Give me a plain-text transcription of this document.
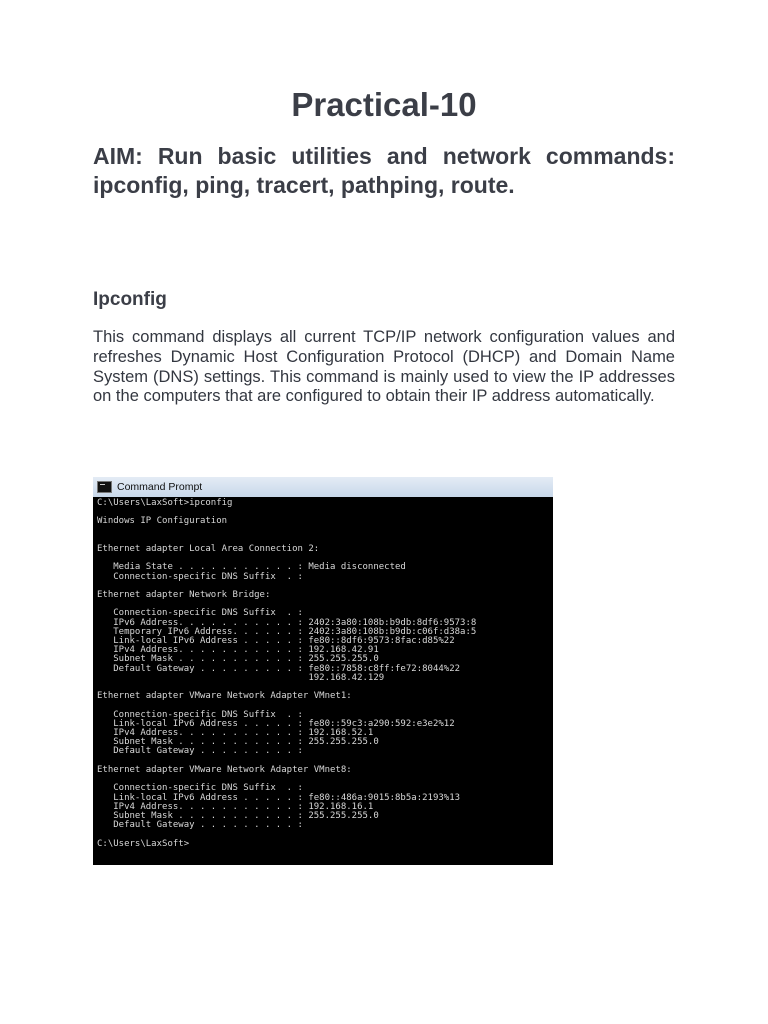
Practical-10

AIM: Run basic utilities and network commands: ipconfig, ping, tracert, pathping, route.

Ipconfig

This command displays all current TCP/IP network configuration values and refreshes Dynamic Host Configuration Protocol (DHCP) and Domain Name System (DNS) settings. This command is mainly used to view the IP addresses on the computers that are configured to obtain their IP address automatically.

Command Prompt
C:\Users\LaxSoft>ipconfig

Windows IP Configuration

Ethernet adapter Local Area Connection 2:

Media State . . . . . . . . . . . : Media disconnected
Connection-specific DNS Suffix  . :

Ethernet adapter Network Bridge:

Connection-specific DNS Suffix  . :
IPv6 Address. . . . . . . . . . . : 2402:3a80:108b:b9db:8df6:9573:8
Temporary IPv6 Address. . . . . . : 2402:3a80:108b:b9db:c06f:d38a:5
Link-local IPv6 Address . . . . . : fe80::8df6:9573:8fac:d85%22
IPv4 Address. . . . . . . . . . . : 192.168.42.91
Subnet Mask . . . . . . . . . . . : 255.255.255.0
Default Gateway . . . . . . . . . : fe80::7858:c8ff:fe72:8044%22
192.168.42.129

Ethernet adapter VMware Network Adapter VMnet1:

Connection-specific DNS Suffix  . :
Link-local IPv6 Address . . . . . : fe80::59c3:a290:592:e3e2%12
IPv4 Address. . . . . . . . . . . : 192.168.52.1
Subnet Mask . . . . . . . . . . . : 255.255.255.0
Default Gateway . . . . . . . . . :

Ethernet adapter VMware Network Adapter VMnet8:

Connection-specific DNS Suffix  . :
Link-local IPv6 Address . . . . . : fe80::486a:9015:8b5a:2193%13
IPv4 Address. . . . . . . . . . . : 192.168.16.1
Subnet Mask . . . . . . . . . . . : 255.255.255.0
Default Gateway . . . . . . . . . :

C:\Users\LaxSoft>
